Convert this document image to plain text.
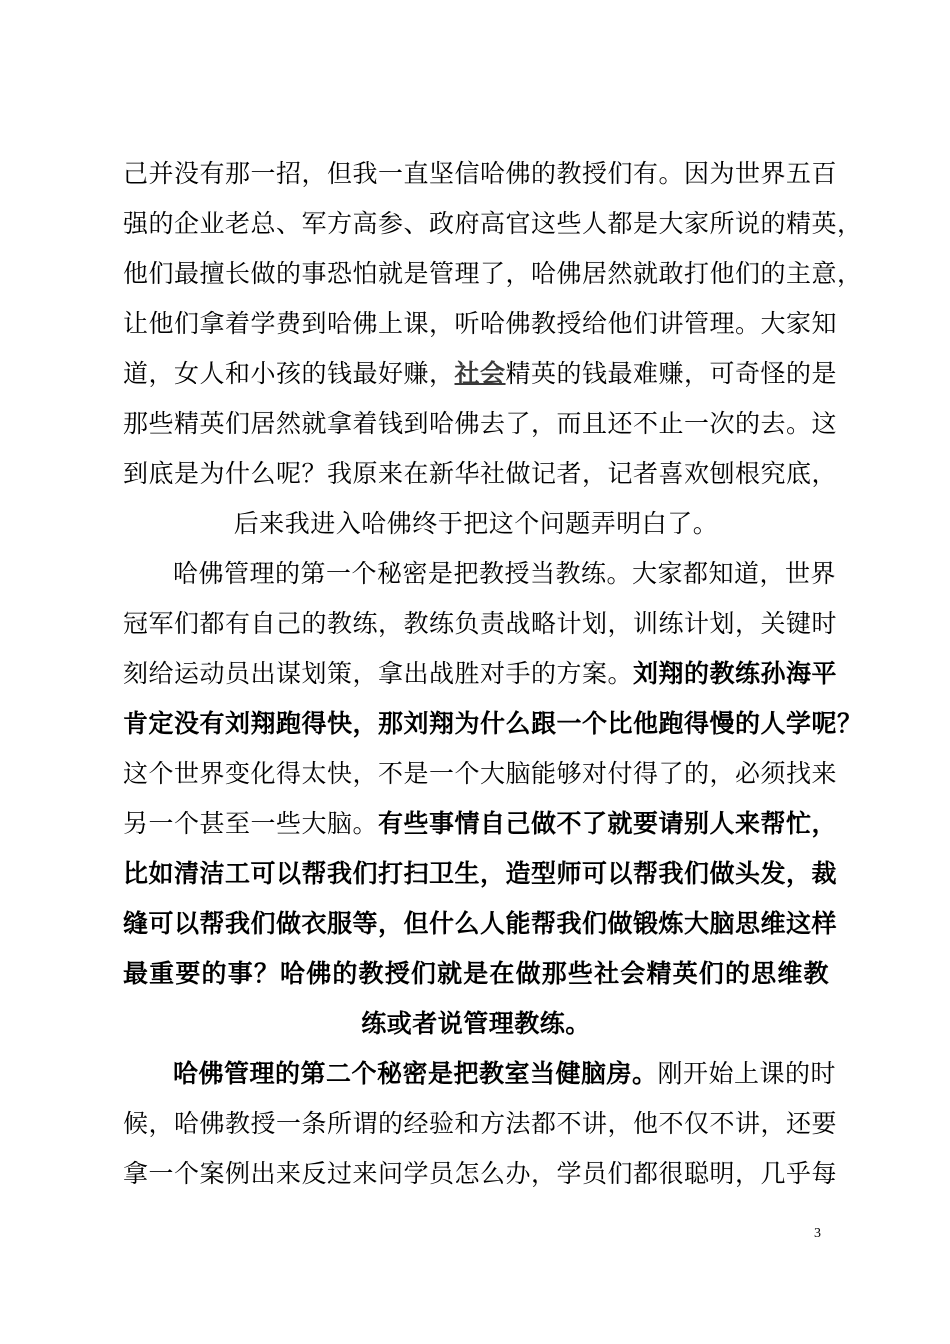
己并没有那一招，但我一直坚信哈佛的教授们有。因为世界五百
强的企业老总、军方高参、政府高官这些人都是大家所说的精英，
他们最擅长做的事恐怕就是管理了，哈佛居然就敢打他们的主意，
让他们拿着学费到哈佛上课，听哈佛教授给他们讲管理。大家知
道，女人和小孩的钱最好赚，社会精英的钱最难赚，可奇怪的是
那些精英们居然就拿着钱到哈佛去了，而且还不止一次的去。这
到底是为什么呢？我原来在新华社做记者，记者喜欢刨根究底，
后来我进入哈佛终于把这个问题弄明白了。
哈佛管理的第一个秘密是把教授当教练。大家都知道，世界
冠军们都有自己的教练，教练负责战略计划，训练计划，关键时
刻给运动员出谋划策，拿出战胜对手的方案。刘翔的教练孙海平
肯定没有刘翔跑得快，那刘翔为什么跟一个比他跑得慢的人学呢？
这个世界变化得太快，不是一个大脑能够对付得了的，必须找来
另一个甚至一些大脑。有些事情自己做不了就要请别人来帮忙，
比如清洁工可以帮我们打扫卫生，造型师可以帮我们做头发，裁
缝可以帮我们做衣服等，但什么人能帮我们做锻炼大脑思维这样
最重要的事？哈佛的教授们就是在做那些社会精英们的思维教
练或者说管理教练。
哈佛管理的第二个秘密是把教室当健脑房。刚开始上课的时
候，哈佛教授一条所谓的经验和方法都不讲，他不仅不讲，还要
拿一个案例出来反过来问学员怎么办，学员们都很聪明，几乎每
3
